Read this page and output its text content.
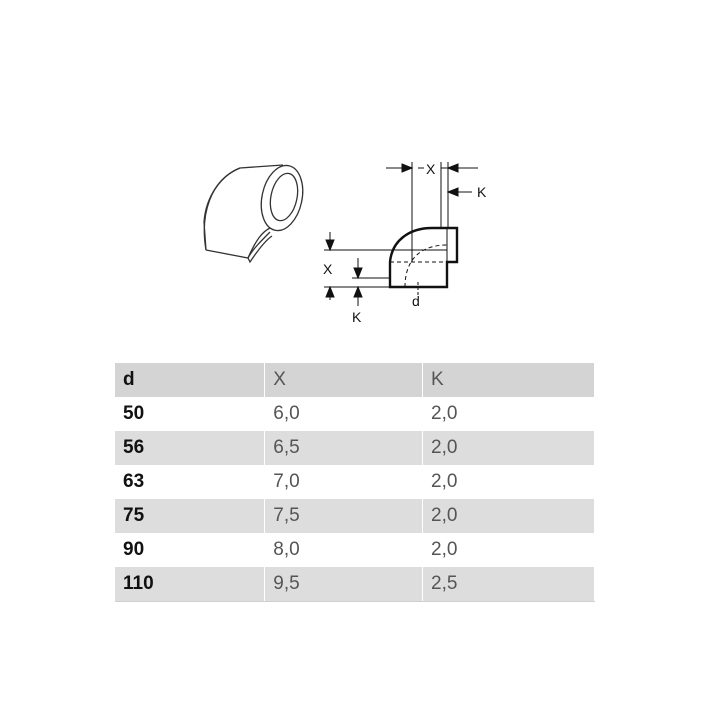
X
K
X
K
d
d	X	K
50	6,0	2,0
56	6,5	2,0
63	7,0	2,0
75	7,5	2,0
90	8,0	2,0
110	9,5	2,5
